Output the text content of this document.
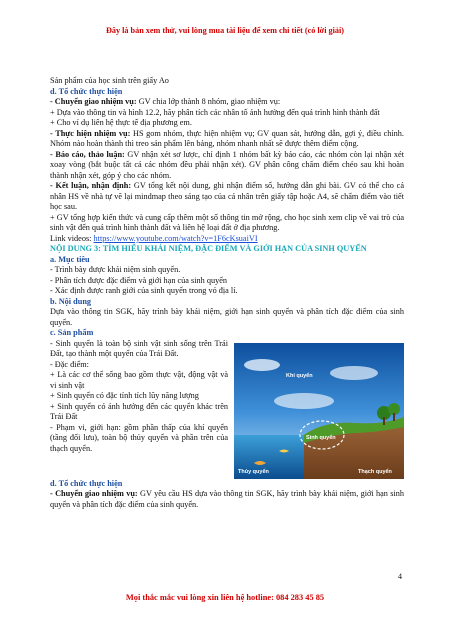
Đây là bản xem thử, vui lòng mua tài liệu để xem chi tiết (có lời giải)

Sản phẩm của học sinh trên giấy Ao

d. Tổ chức thực hiện

- Chuyển giao nhiệm vụ: GV chia lớp thành 8 nhóm, giao nhiệm vụ:

+ Dựa vào thông tin và hình 12.2, hãy phân tích các nhân tố ảnh hưởng đến quá trình hình thành đất

+ Cho ví dụ liên hệ thực tế địa phương em.

- Thực hiện nhiệm vụ: HS gom nhóm, thực hiện nhiệm vụ; GV quan sát, hướng dẫn, gợi ý, điều chỉnh. Nhóm nào hoàn thành thì treo sản phẩm lên bảng, nhóm nhanh nhất sẽ được thêm điểm cộng.

- Báo cáo, thảo luận: GV nhận xét sơ lược, chỉ định 1 nhóm bất kỳ báo cáo, các nhóm còn lại nhận xét xoay vòng (bắt buộc tất cả các nhóm đều phải nhận xét). GV phân công chấm điểm chéo sau khi hoàn thành nhận xét, góp ý cho các nhóm.

- Kết luận, nhận định: GV tổng kết nội dung, ghi nhận điểm số, hướng dẫn ghi bài. GV có thể cho cá nhân HS về nhà tự vẽ lại mindmap theo sáng tạo của cá nhân trên giấy tập hoặc A4, sẽ chấm điểm vào tiết học sau.

+ GV tổng hợp kiến thức và cung cấp thêm một số thông tin mở rộng, cho học sinh xem clip về vai trò của sinh vật đến quá trình hình thành đất và liên hệ loại đất ở địa phương.

Link videos: https://www.youtube.com/watch?v=1F6cKsuaiVI

NỘI DUNG 3: TÌM HIỂU KHÁI NIỆM, ĐẶC ĐIỂM VÀ GIỚI HẠN CỦA SINH QUYỂN

a. Mục tiêu

- Trình bày được khái niệm sinh quyển.

- Phân tích được đặc điểm và giới hạn của sinh quyển

- Xác định được ranh giới của sinh quyển trong vỏ địa lí.

b. Nội dung

Dựa vào thông tin SGK, hãy trình bày khái niệm, giới hạn sinh quyển và phân tích đặc điểm của sinh quyển.

c. Sản phẩm

- Sinh quyển là toàn bộ sinh vật sinh sống trên Trái Đất, tạo thành một quyển của Trái Đất.

- Đặc điểm:

+ Là các cơ thể sống bao gồm thực vật, động vật và vi sinh vật

+ Sinh quyển có đặc tính tích lũy năng lượng

+ Sinh quyển có ảnh hưởng đến các quyển khác trên Trái Đất

- Phạm vi, giới hạn: gồm phần thấp của khí quyển (tầng đối lưu), toàn bộ thủy quyển và phần trên của thạch quyển.

Khí quyển
Sinh quyển
Thủy quyển	Thạch quyển

d. Tổ chức thực hiện

- Chuyển giao nhiệm vụ: GV yêu cầu HS dựa vào thông tin SGK, hãy trình bày khái niệm, giới hạn sinh quyển và phân tích đặc điểm của sinh quyển.

4
Mọi thắc mắc vui lòng xin liên hệ hotline: 084 283 45 85
